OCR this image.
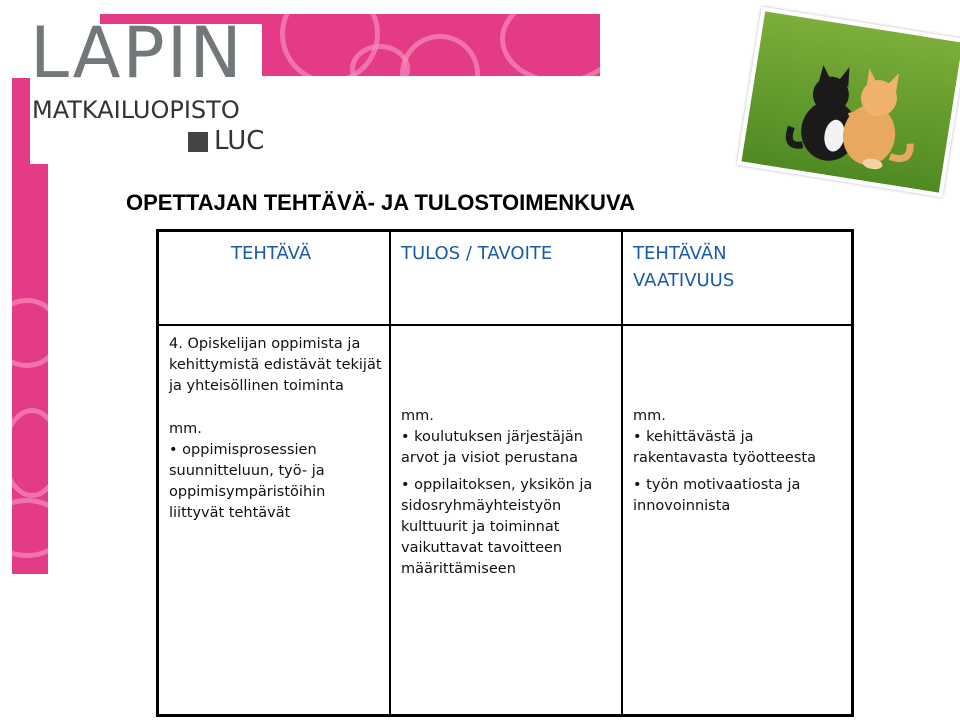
LAPIN
MATKAILUOPISTO
LUC
OPETTAJAN TEHTÄVÄ- JA TULOSTOIMENKUVA
TEHTÄVÄ	TULOS / TAVOITE	TEHTÄVÄN VAATIVUUS

4. Opiskelijan oppimista ja kehittymistä edistävät tekijät ja yhteisöllinen toiminta

mm.

• oppimisprosessien suunnitteluun, työ- ja oppimisympäristöihin liittyvät tehtävät

mm.

• koulutuksen järjestäjän arvot ja visiot perustana
• oppilaitoksen, yksikön ja sidosryhmäyhteistyön kulttuurit ja toiminnat vaikuttavat tavoitteen määrittämiseen

mm.

• kehittävästä ja rakentavasta työotteesta
• työn motivaatiosta ja innovoinnista
